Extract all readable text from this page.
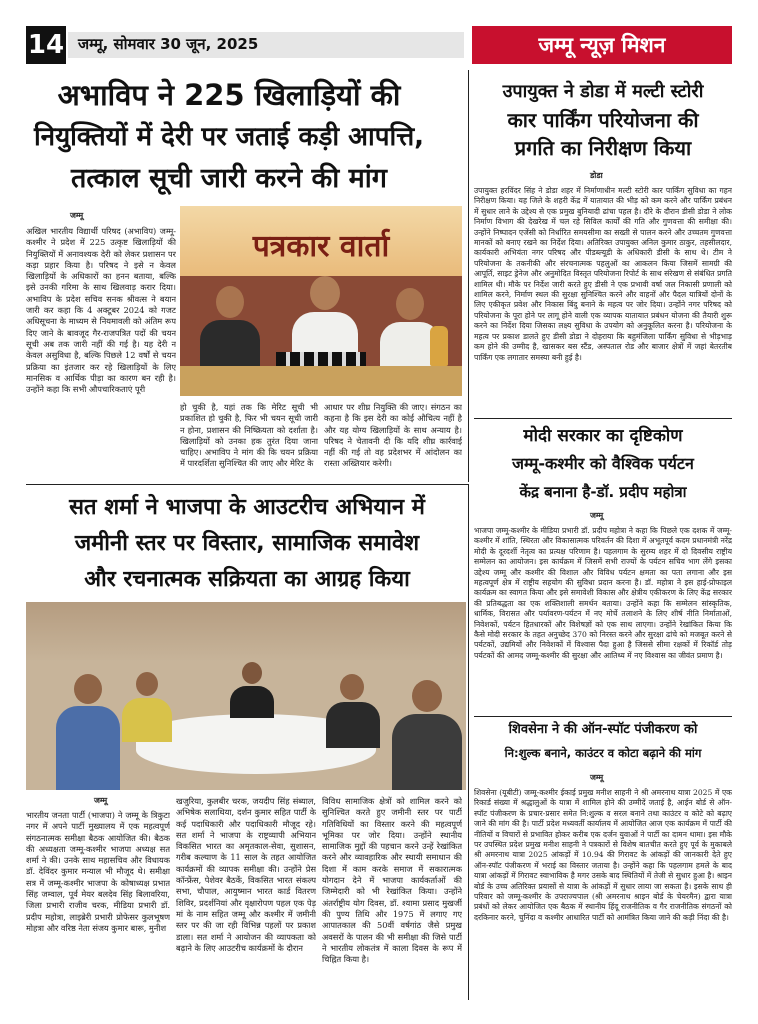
14 जम्मू, सोमवार 30 जून, 2025	जम्मू न्यूज़ मिशन
अभाविप ने 225 खिलाड़ियों की
नियुक्तियों में देरी पर जताई कड़ी आपत्ति,
तत्काल सूची जारी करने की मांग
जम्मू
अखिल भारतीय विद्यार्थी परिषद (अभाविप) जम्मू-कश्मीर ने प्रदेश में 225 उत्कृष्ट खिलाड़ियों की नियुक्तियों में अनावश्यक देरी को लेकर प्रशासन पर कड़ा प्रहार किया है। परिषद ने इसे न केवल खिलाड़ियों के अधिकारों का हनन बताया, बल्कि इसे उनकी गरिमा के साथ खिलवाड़ करार दिया। अभाविप के प्रदेश सचिव सनक श्रीवत्स ने बयान जारी कर कहा कि 4 अक्टूबर 2024 को गजट अधिसूचना के माध्यम से नियमावली को अंतिम रूप दिए जाने के बावजूद गैर-राजपत्रित पदों की चयन सूची अब तक जारी नहीं की गई है। यह देरी न केवल असुविधा है, बल्कि पिछले 12 वर्षों से चयन प्रक्रिया का इंतजार कर रहे खिलाड़ियों के लिए मानसिक व आर्थिक पीड़ा का कारण बन रही है। उन्होंने कहा कि सभी औपचारिकताएं पूरी
पत्रकार वार्ता
हो चुकी है, यहां तक कि मेरिट सूची भी प्रकाशित हो चुकी है, फिर भी चयन सूची जारी न होना, प्रशासन की निष्क्रियता को दर्शाता है। खिलाड़ियों को उनका हक तुरंत दिया जाना चाहिए। अभाविप ने मांग की कि चयन प्रक्रिया में पारदर्शिता सुनिश्चित की जाए और मेरिट के
आधार पर शीघ्र नियुक्ति की जाए। संगठन का कहना है कि इस देरी का कोई औचित्य नहीं है और यह योग्य खिलाड़ियों के साथ अन्याय है। परिषद ने चेतावनी दी कि यदि शीघ्र कार्रवाई नहीं की गई तो वह प्रदेशभर में आंदोलन का रास्ता अख्तियार करेगी।
उपायुक्त ने डोडा में मल्टी स्टोरी
कार पार्किंग परियोजना की
प्रगति का निरीक्षण किया
डोडा
उपायुक्त हरविंदर सिंह ने डोडा शहर में निर्माणाधीन मल्टी स्टोरी कार पार्किंग सुविधा का गहन निरीक्षण किया। यह जिले के शहरी केंद्र में यातायात की भीड़ को कम करने और पार्किंग प्रबंधन में सुधार लाने के उद्देश्य से एक प्रमुख बुनियादी ढांचा पहल है। दौरे के दौरान डीसी डोडा ने लोक निर्माण विभाग की देखरेख में चल रहे सिविल कार्यों की गति और गुणवत्ता की समीक्षा की। उन्होंने निष्पादन एजेंसी को निर्धारित समयसीमा का सख्ती से पालन करने और उच्चतम गुणवत्ता मानकों को बनाए रखने का निर्देश दिया। अतिरिक्त उपायुक्त अनिल कुमार ठाकुर, तहसीलदार, कार्यकारी अभियंता नगर परिषद और पीडब्ल्यूडी के अधिकारी डीसी के साथ थे। टीम ने परियोजना के तकनीकी और संरचनात्मक पहलुओं का आकलन किया जिसमें सामग्री की आपूर्ति, साइट ड्रेनेज और अनुमोदित विस्तृत परियोजना रिपोर्ट के साथ संरेखण से संबंधित प्रगति शामिल थी। मौके पर निर्देश जारी करते हुए डीसी ने एक प्रभावी वर्षा जल निकासी प्रणाली को शामिल करने, निर्माण स्थल की सुरक्षा सुनिश्चित करने और वाहनों और पैदल यात्रियों दोनों के लिए एकीकृत प्रवेश और निकास बिंदु बनाने के महत्व पर जोर दिया। उन्होंने नगर परिषद को परियोजना के पूरा होने पर लागू होने वाली एक व्यापक यातायात प्रबंधन योजना की तैयारी शुरू करने का निर्देश दिया जिसका लक्ष्य सुविधा के उपयोग को अनुकूलित करना है। परियोजना के महत्व पर प्रकाश डालते हुए डीसी डोडा ने दोहराया कि बहुमंजिला पार्किंग सुविधा से भीड़भाड़ कम होने की उम्मीद है, खासकर बस स्टैंड, अस्पताल रोड और बाजार क्षेत्रों में जहां बेतरतीब पार्किंग एक लगातार समस्या बनी हुई है।
मोदी सरकार का दृष्टिकोण
जम्मू-कश्मीर को वैश्विक पर्यटन
केंद्र बनाना है-डॉ. प्रदीप महोत्रा
जम्मू
भाजपा जम्मू-कश्मीर के मीडिया प्रभारी डॉ. प्रदीप महोत्रा ने कहा कि पिछले एक दशक में जम्मू-कश्मीर में शांति, स्थिरता और विकासात्मक परिवर्तन की दिशा में अभूतपूर्व कदम प्रधानमंत्री नरेंद्र मोदी के दूरदर्शी नेतृत्व का प्रत्यक्ष परिणाम है। पहलगाम के सुरम्य शहर में दो दिवसीय राष्ट्रीय सम्मेलन का आयोजन। इस कार्यक्रम में जिसमें सभी राज्यों के पर्यटन सचिव भाग लेंगे इसका उद्देश्य जम्मू और कश्मीर की विशाल और विविध पर्यटन क्षमता का पता लगाना और इस महत्वपूर्ण क्षेत्र में राष्ट्रीय सहयोग की सुविधा प्रदान करना है। डॉ. महोत्रा ने इस हाई-प्रोफाइल कार्यक्रम का स्वागत किया और इसे समावेशी विकास और क्षेत्रीय एकीकरण के लिए केंद्र सरकार की प्रतिबद्धता का एक शक्तिशाली समर्थन बताया। उन्होंने कहा कि सम्मेलन सांस्कृतिक, धार्मिक, विरासत और पर्यावरण-पर्यटन में नए मोर्चे तलाशने के लिए शीर्ष नीति निर्माताओं, निवेशकों, पर्यटन हितधारकों और विशेषज्ञों को एक साथ लाएगा। उन्होंने रेखांकित किया कि कैसे मोदी सरकार के तहत अनुच्छेद 370 को निरस्त करने और सुरक्षा ढांचे को मजबूत करने से पर्यटकों, उद्यमियों और निवेशकों में विश्वास पैदा हुआ है जिससे सीमा रक्षकों में रिकॉर्ड तोड़ पर्यटकों की आमद जम्मू-कश्मीर की सुरक्षा और आतिथ्य में नए विश्वास का जीवंत प्रमाण है।
शिवसेना ने की ऑन-स्पॉट पंजीकरण को
नि:शुल्क बनाने, काउंटर व कोटा बढ़ाने की मांग
जम्मू
शिवसेना (यूबीटी) जम्मू-कश्मीर ईकाई प्रमुख मनीश साहनी ने श्री अमरनाथ यात्रा 2025 में एक रिकार्ड संख्या में श्रद्धालुओं के यात्रा में शामिल होने की उम्मीदें जताई है, आईन बोर्ड से ऑन-स्पॉट पंजीकरण के प्रचार-प्रसार समेत नि:शुल्क व सरल बनाने तथा काउंटर व कोटे को बढ़ाए जाने की मांग की है। पार्टी प्रदेश मध्यवर्ती कार्यालय में आयोजित आज एक कार्यक्रम में पार्टी की नीतियों व विचारों से प्रभावित होकर करीब एक दर्जन युवाओं ने पार्टी का दामन थामा। इस मौके पर उपस्थित प्रदेश प्रमुख मनीश साहनी ने पत्रकारों से विशेष बातचीत करते हुए पूर्व के मुकाबले श्री अमरनाथ यात्रा 2025 आंकड़ों में 10.94 की गिरावट के आंकड़ों की जानकारी देते हुए ऑन-स्पॉट पंजीकरण में भराई का विस्तार जताया है। उन्होंने कहा कि पहलगाम हमले के बाद यात्रा आंकड़ों में गिरावट स्वाभाविक है मगर उसके बाद स्थितियों में तेजी से सुधार हुआ है। श्राइन बोर्ड के उच्च अतिरिक्त प्रयासों से यात्रा के आंकड़ों में सुधार लाया जा सकता है। इसके साथ ही परिवार को जम्मू-कश्मीर के उपराज्यपाल (श्री अमरनाथ श्राइन बोर्ड के चेयरमैन) द्वारा यात्रा प्रबंधों को लेकर आयोजित एक बैठक में स्थानीय हिंदू राजनीतिक व गैर राजनीतिक संगठनों को दरकिनार करने, चुनिंदा व कश्मीर आधारित पार्टी को आमंत्रित किया जाने की कड़ी निंदा की है।
सत शर्मा ने भाजपा के आउटरीच अभियान में
जमीनी स्तर पर विस्तार, सामाजिक समावेश
और रचनात्मक सक्रियता का आग्रह किया
जम्मू
भारतीय जनता पार्टी (भाजपा) ने जम्मू के त्रिकुटा नगर में अपने पार्टी मुख्यालय में एक महत्वपूर्ण संगठनात्मक समीक्षा बैठक आयोजित की। बैठक की अध्यक्षता जम्मू-कश्मीर भाजपा अध्यक्ष सत शर्मा ने की। उनके साथ महासचिव और विधायक डॉ. देविंदर कुमार मन्याल भी मौजूद थे। समीक्षा सत्र में जम्मू-कश्मीर भाजपा के कोषाध्यक्ष प्रभात सिंह जम्वाल, पूर्व मेयर बलदेव सिंह बिलावरिया, जिला प्रभारी राजीव चरक, मीडिया प्रभारी डॉ. प्रदीप महोत्रा, लाइब्रेरी प्रभारी प्रोफेसर कुलभूषण मोहत्रा और वरिष्ठ नेता संजय कुमार बारू, मुनीश
खजुरिया, कुलबीर चरक, जयदीप सिंह संब्याल, अभिषेक सलाथिया, दर्शन कुमार सहित पार्टी के कई पदाधिकारी और पदाधिकारी मौजूद रहे। सत शर्मा ने भाजपा के राष्ट्रव्यापी अभियान विकसित भारत का अमृतकाल-सेवा, सुशासन, गरीब कल्याण के 11 साल के तहत आयोजित कार्यक्रमों की व्यापक समीक्षा की। उन्होंने प्रेस कॉन्फ्रेंस, पेशेवर बैठकें, विकसित भारत संकल्प सभा, चौपाल, आयुष्मान भारत कार्ड वितरण शिविर, प्रदर्शनियां और वृक्षारोपण पहल एक पेड़ मां के नाम सहित जम्मू और कश्मीर में जमीनी स्तर पर की जा रही विभिन्न पहलों पर प्रकाश डाला। सत शर्मा ने आयोजन की व्यापकता को बढ़ाने के लिए आउटरीच कार्यक्रमों के दौरान
विविध सामाजिक क्षेत्रों को शामिल करने को सुनिश्चित करते हुए जमीनी स्तर पर पार्टी गतिविधियों का विस्तार करने की महत्वपूर्ण भूमिका पर जोर दिया। उन्होंने स्थानीय सामाजिक मुद्दों की पहचान करने उन्हें रेखांकित करने और व्यावहारिक और स्थायी समाधान की दिशा में काम करके समाज में सकारात्मक योगदान देने में भाजपा कार्यकर्ताओं की जिम्मेदारी को भी रेखांकित किया। उन्होंने अंतर्राष्ट्रीय योग दिवस, डॉ. श्यामा प्रसाद मुखर्जी की पुण्य तिथि और 1975 में लगाए गए आपातकाल की 50वीं वर्षगांठ जैसे प्रमुख अवसरों के पालन की भी समीक्षा की जिसे पार्टी ने भारतीय लोकतंत्र में काला दिवस के रूप में चिह्नित किया है।
